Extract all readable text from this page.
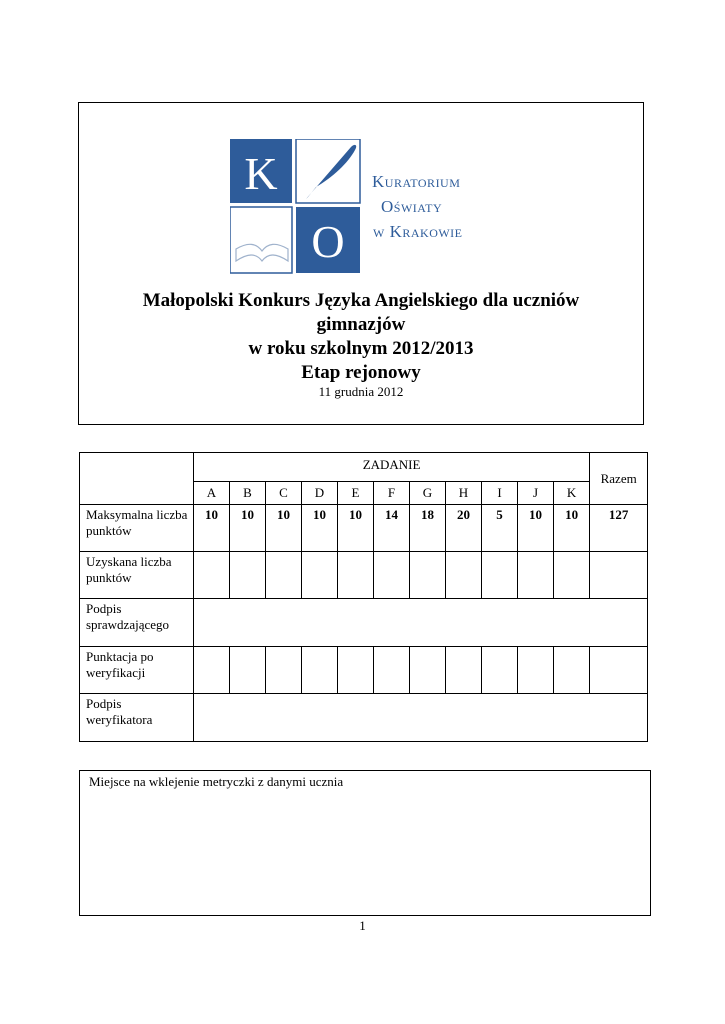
K
O
Kuratorium
Oświaty
w Krakowie
Małopolski Konkurs Języka Angielskiego dla uczniów
gimnazjów
w roku szkolnym 2012/2013
Etap rejonowy
11 grudnia 2012
	ZADANIE											Razem
	A	B	C	D	E	F	G	H	I	J	K	
Maksymalna liczba punktów	10	10	10	10	10	14	18	20	5	10	10	127
Uzyskana liczba punktów												
Podpis sprawdzającego												
Punktacja po weryfikacji												
Podpis weryfikatora												
Miejsce na wklejenie metryczki z danymi ucznia
1
